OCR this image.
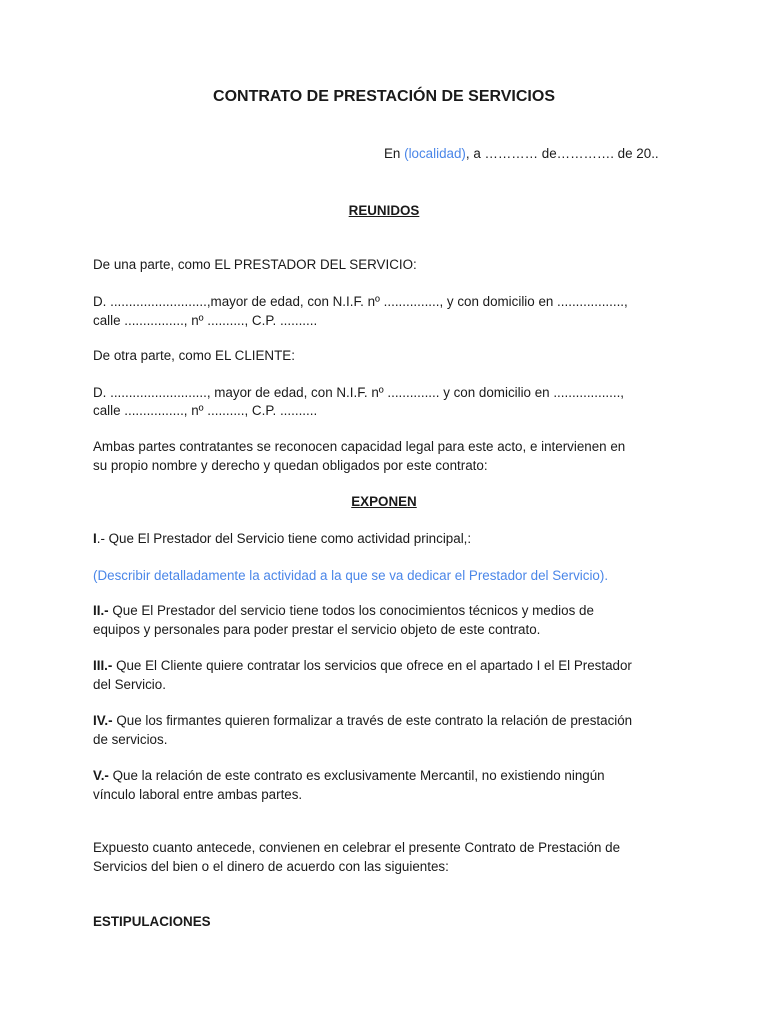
CONTRATO DE PRESTACIÓN DE SERVICIOS
En (localidad), a ………… de…………. de 20..
REUNIDOS
De una parte, como EL PRESTADOR DEL SERVICIO:
D. ..........................,mayor de edad, con N.I.F. nº ..............., y con domicilio en ..................,
calle ................, nº .........., C.P. ..........
De otra parte, como EL CLIENTE:
D. .........................., mayor de edad, con N.I.F. nº .............. y con domicilio en ..................,
calle ................, nº .........., C.P. ..........
Ambas partes contratantes se reconocen capacidad legal para este acto, e intervienen en
su propio nombre y derecho y quedan obligados por este contrato:
EXPONEN
I.- Que El Prestador del Servicio tiene como actividad principal,:
(Describir detalladamente la actividad a la que se va dedicar el Prestador del Servicio).
II.- Que El Prestador del servicio tiene todos los conocimientos técnicos y medios de
equipos y personales para poder prestar el servicio objeto de este contrato.
III.- Que El Cliente quiere contratar los servicios que ofrece en el apartado I el El Prestador
del Servicio.
IV.- Que los firmantes quieren formalizar a través de este contrato la relación de prestación
de servicios.
V.- Que la relación de este contrato es exclusivamente Mercantil, no existiendo ningún
vínculo laboral entre ambas partes.
Expuesto cuanto antecede, convienen en celebrar el presente Contrato de Prestación de
Servicios del bien o el dinero de acuerdo con las siguientes:
ESTIPULACIONES
